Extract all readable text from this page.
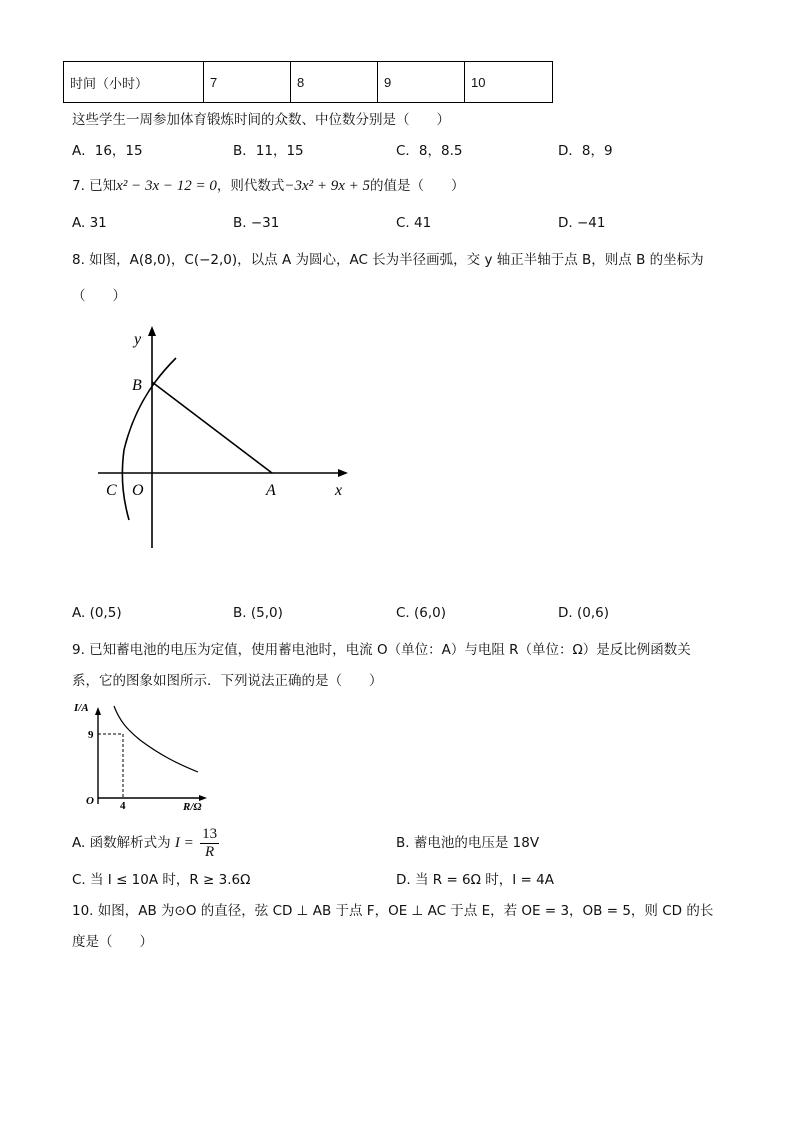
时间（小时）	7	8	9	10
这些学生一周参加体育锻炼时间的众数、中位数分别是（　　）
A．16，15	B．11，15	C．8，8.5	D．8，9
7. 已知x² − 3x − 12 = 0，则代数式−3x² + 9x + 5的值是（　　）
A. 31	B. −31	C. 41	D. −41
8. 如图，A(8,0)，C(−2,0)，以点 A 为圆心，AC 长为半径画弧，交 y 轴正半轴于点 B，则点 B 的坐标为
（　　）
B
y
C O	A	x
A. (0,5)	B. (5,0)	C. (6,0)	D. (0,6)
9. 已知蓄电池的电压为定值，使用蓄电池时，电流 O（单位：A）与电阻 R（单位：Ω）是反比例函数关
系，它的图象如图所示．下列说法正确的是（　　）
I/A
9
O 4	R/Ω
A. 函数解析式为 $I = \frac{13}{R}$	B. 蓄电池的电压是 18V
C. 当 I ≤ 10A 时，R ≥ 3.6Ω	D. 当 R = 6Ω 时，I = 4A
10. 如图，AB 为⊙O 的直径，弦 CD ⊥ AB 于点 F，OE ⊥ AC 于点 E，若 OE = 3，OB = 5，则 CD 的长
度是（　　）
